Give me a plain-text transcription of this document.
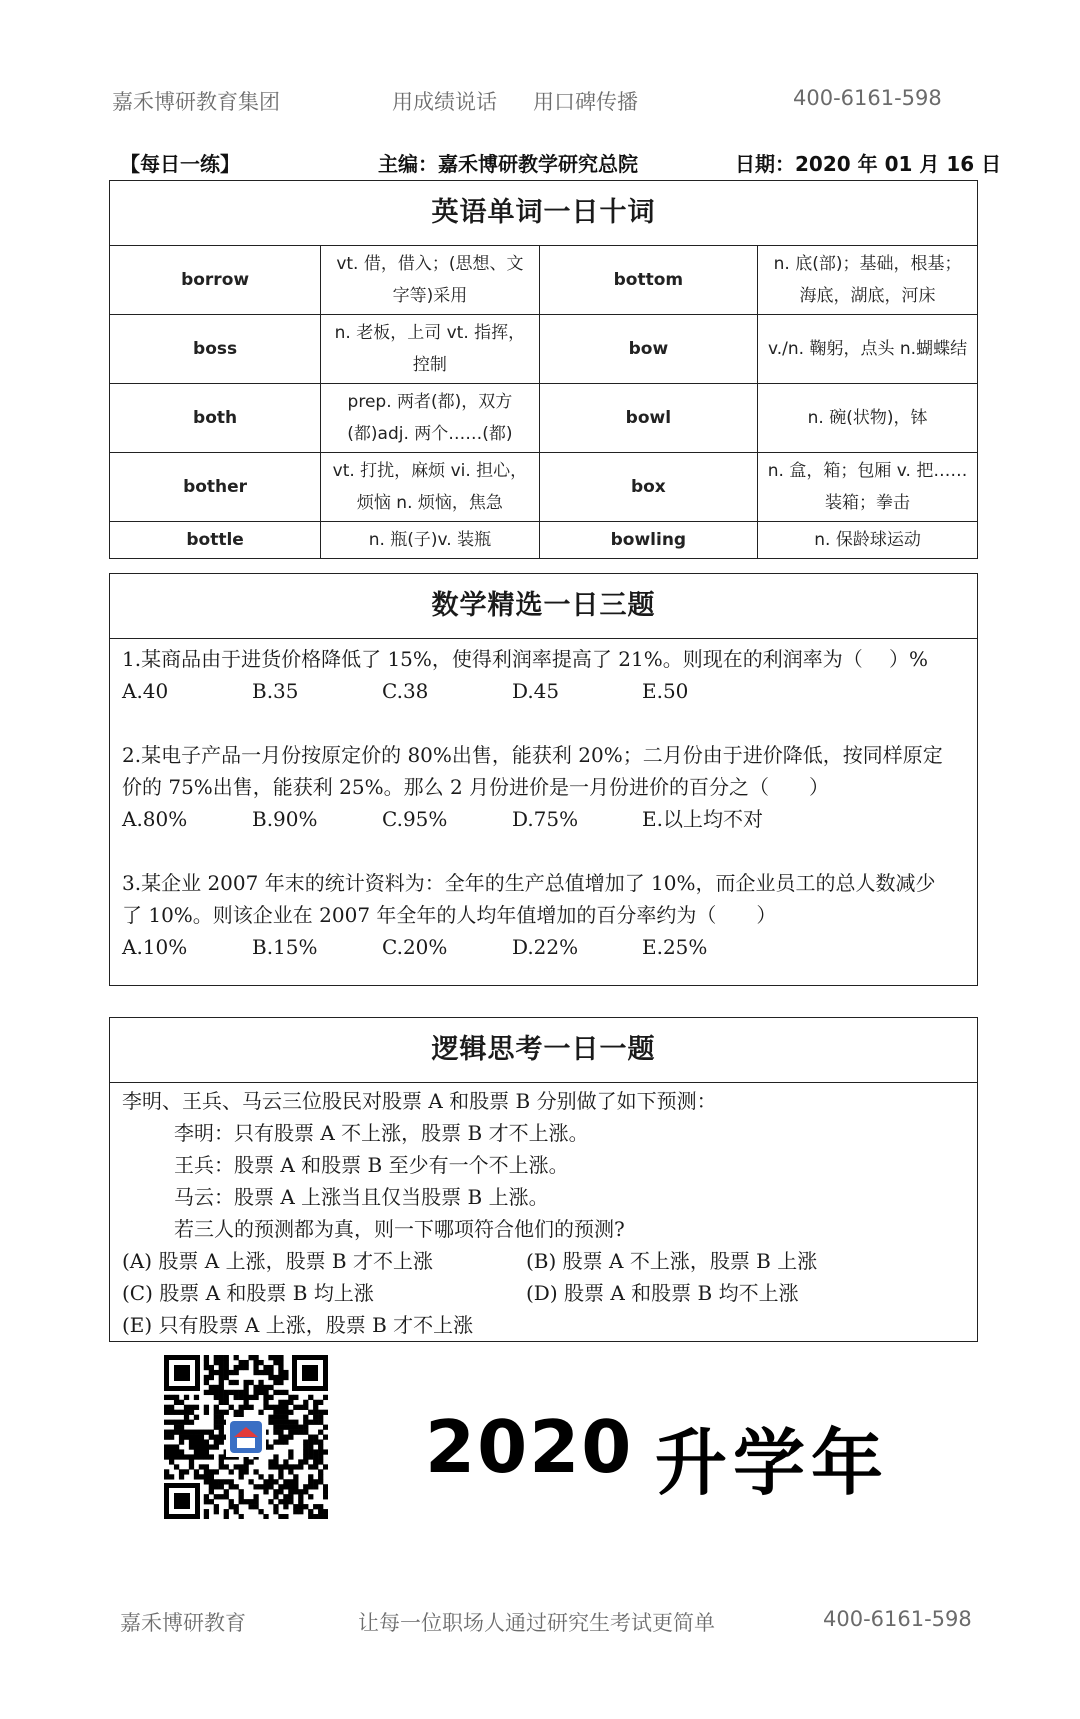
嘉禾博研教育集团	用成绩说话 用口碑传播	400-6161-598
【每日一练】	主编：嘉禾博研教学研究总院	日期：2020 年 01 月 16 日
英语单词一日十词
borrow	vt. 借，借入；(思想、文字等)采用	bottom	n. 底(部)；基础，根基；海底，湖底，河床
boss	n. 老板，上司 vt. 指挥，控制	bow	v./n. 鞠躬，点头 n.蝴蝶结
both	prep. 两者(都)，双方(都)adj. 两个……(都)	bowl	n. 碗(状物)，钵
bother	vt. 打扰，麻烦 vi. 担心，烦恼 n. 烦恼，焦急	box	n. 盒，箱；包厢 v. 把……装箱；拳击
bottle	n. 瓶(子)v. 装瓶	bowling	n. 保龄球运动
数学精选一日三题

1.某商品由于进货价格降低了 15%，使得利润率提高了 21%。则现在的利润率为（　 ）%

A.40	B.35	C.38	D.45	E.50

2.某电子产品一月份按原定价的 80%出售，能获利 20%；二月份由于进价降低，按同样原定

价的 75%出售，能获利 25%。那么 2 月份进价是一月份进价的百分之（　　）

A.80%	B.90%	C.95%	D.75%	E.以上均不对

3.某企业 2007 年末的统计资料为：全年的生产总值增加了 10%，而企业员工的总人数减少

了 10%。则该企业在 2007 年全年的人均年值增加的百分率约为（　　）

A.10%	B.15%	C.20%	D.22%	E.25%
逻辑思考一日一题

李明、王兵、马云三位股民对股票 A 和股票 B 分别做了如下预测：

李明：只有股票 A 不上涨，股票 B 才不上涨。

王兵：股票 A 和股票 B 至少有一个不上涨。

马云：股票 A 上涨当且仅当股票 B 上涨。

若三人的预测都为真，则一下哪项符合他们的预测?

(A) 股票 A 上涨，股票 B 才不上涨	(B) 股票 A 不上涨，股票 B 上涨
(C) 股票 A 和股票 B 均上涨	(D) 股票 A 和股票 B 均不上涨
(E) 只有股票 A 上涨，股票 B 才不上涨
2020 升学年
嘉禾博研教育	让每一位职场人通过研究生考试更简单	400-6161-598
